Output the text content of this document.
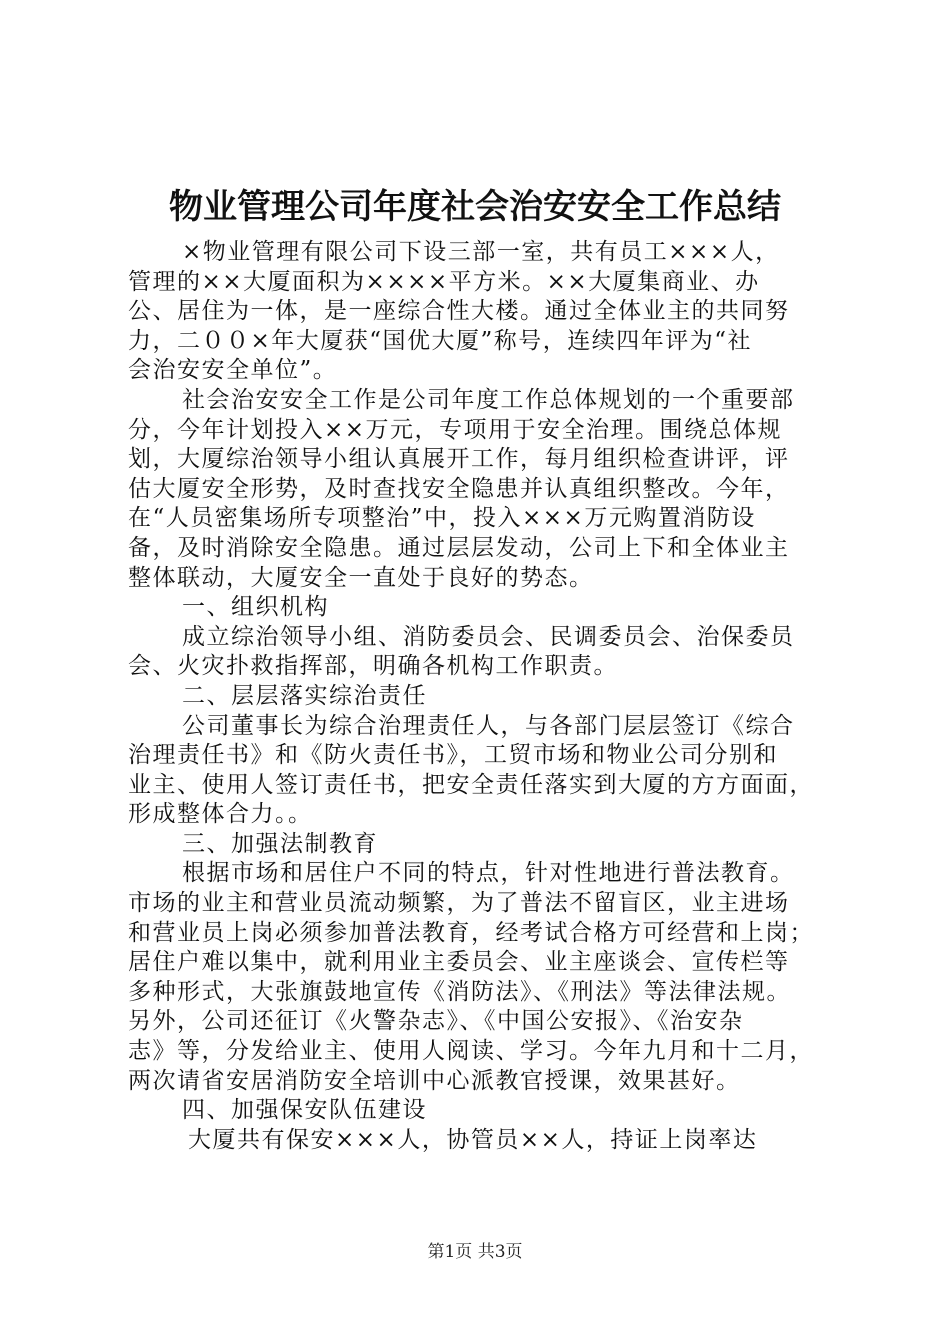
物业管理公司年度社会治安安全工作总结
×物业管理有限公司下设三部一室，共有员工×××人，
管理的××大厦面积为××××平方米。××大厦集商业、办
公、居住为一体，是一座综合性大楼。通过全体业主的共同努
力，二００×年大厦获“国优大厦”称号，连续四年评为“社
会治安安全单位”。
社会治安安全工作是公司年度工作总体规划的一个重要部
分，今年计划投入××万元，专项用于安全治理。围绕总体规
划，大厦综治领导小组认真展开工作，每月组织检查讲评，评
估大厦安全形势，及时查找安全隐患并认真组织整改。今年，
在“人员密集场所专项整治”中，投入×××万元购置消防设
备，及时消除安全隐患。通过层层发动，公司上下和全体业主
整体联动，大厦安全一直处于良好的势态。
一、组织机构
成立综治领导小组、消防委员会、民调委员会、治保委员
会、火灾扑救指挥部，明确各机构工作职责。
二、层层落实综治责任
公司董事长为综合治理责任人，与各部门层层签订《综合
治理责任书》和《防火责任书》，工贸市场和物业公司分别和
业主、使用人签订责任书，把安全责任落实到大厦的方方面面，
形成整体合力。。
三、加强法制教育
根据市场和居住户不同的特点，针对性地进行普法教育。
市场的业主和营业员流动频繁，为了普法不留盲区，业主进场
和营业员上岗必须参加普法教育，经考试合格方可经营和上岗；
居住户难以集中，就利用业主委员会、业主座谈会、宣传栏等
多种形式，大张旗鼓地宣传《消防法》、《刑法》等法律法规。
另外，公司还征订《火警杂志》、《中国公安报》、《治安杂
志》等，分发给业主、使用人阅读、学习。今年九月和十二月，
两次请省安居消防安全培训中心派教官授课，效果甚好。
四、加强保安队伍建设
大厦共有保安×××人，协管员××人，持证上岗率达
第1页 共3页
